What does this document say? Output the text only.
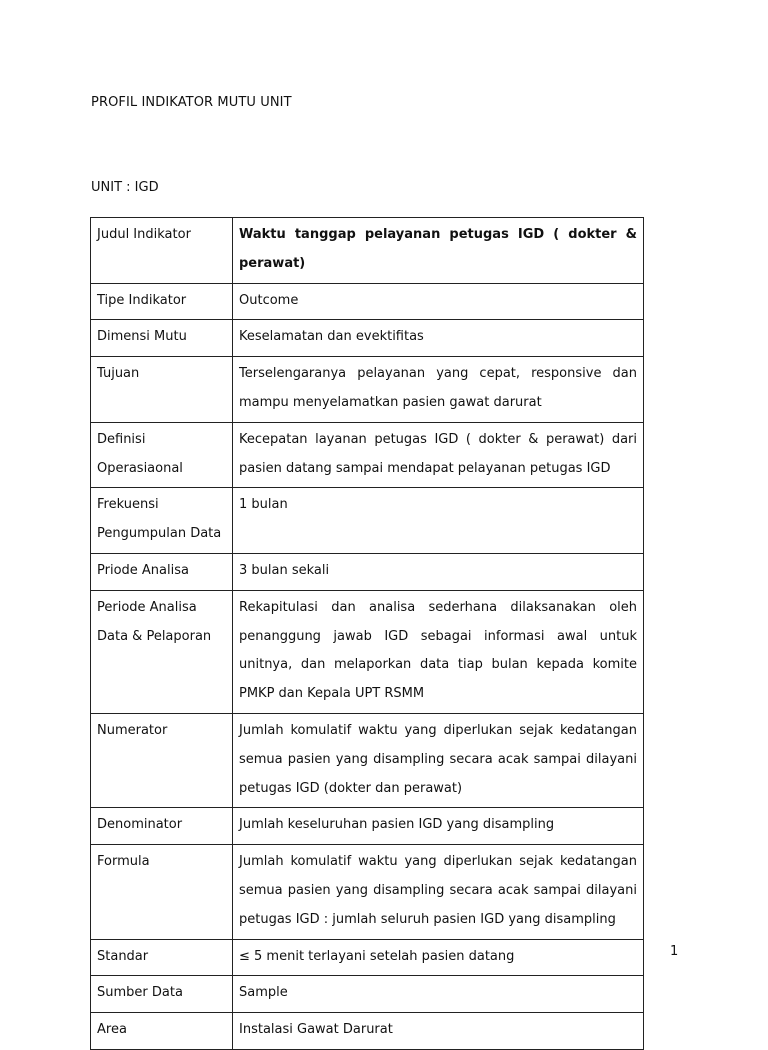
PROFIL INDIKATOR MUTU UNIT
UNIT : IGD
Judul Indikator	Waktu tanggap pelayanan petugas IGD ( dokter & perawat)
Tipe Indikator	Outcome
Dimensi Mutu	Keselamatan dan evektifitas
Tujuan	Terselengaranya pelayanan yang cepat, responsive dan mampu menyelamatkan pasien gawat darurat
Definisi Operasiaonal	Kecepatan layanan petugas IGD ( dokter & perawat) dari pasien datang sampai mendapat pelayanan petugas IGD
Frekuensi Pengumpulan Data	1 bulan
Priode Analisa	3 bulan sekali
Periode Analisa Data & Pelaporan	Rekapitulasi dan analisa sederhana dilaksanakan oleh penanggung jawab IGD sebagai informasi awal untuk unitnya, dan melaporkan data tiap bulan kepada komite PMKP dan Kepala UPT RSMM
Numerator	Jumlah komulatif waktu yang diperlukan sejak kedatangan semua pasien yang disampling secara acak sampai dilayani petugas IGD (dokter dan perawat)
Denominator	Jumlah keseluruhan pasien IGD yang disampling
Formula	Jumlah komulatif waktu yang diperlukan sejak kedatangan semua pasien yang disampling secara acak sampai dilayani petugas IGD : jumlah seluruh pasien IGD yang disampling
Standar	≤ 5 menit terlayani setelah pasien datang
Sumber Data	Sample
Area	Instalasi Gawat Darurat
1
